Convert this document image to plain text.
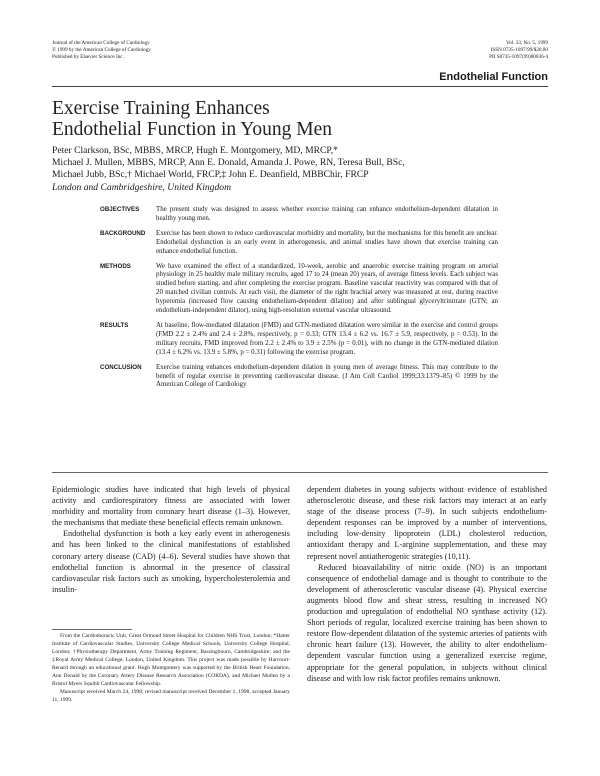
Journal of the American College of Cardiology
© 1999 by the American College of Cardiology
Published by Elsevier Science Inc.
Vol. 33, No. 5, 1999
ISSN 0735-1097/99/$20.00
PII S0735-1097(99)00036-4
Endothelial Function
Exercise Training Enhances
Endothelial Function in Young Men
Peter Clarkson, BSc, MBBS, MRCP, Hugh E. Montgomery, MD, MRCP,*
Michael J. Mullen, MBBS, MRCP, Ann E. Donald, Amanda J. Powe, RN, Teresa Bull, BSc,
Michael Jubb, BSc,† Michael World, FRCP,‡ John E. Deanfield, MBBChir, FRCP
London and Cambridgeshire, United Kingdom
OBJECTIVES	The present study was designed to assess whether exercise training can enhance endothelium-dependent dilatation in healthy young men.
BACKGROUND	Exercise has been shown to reduce cardiovascular morbidity and mortality, but the mechanisms for this benefit are unclear. Endothelial dysfunction is an early event in atherogenesis, and animal studies have shown that exercise training can enhance endothelial function.
METHODS	We have examined the effect of a standardized, 10-week, aerobic and anaerobic exercise training program on arterial physiology in 25 healthy male military recruits, aged 17 to 24 (mean 20) years, of average fitness levels. Each subject was studied before starting, and after completing the exercise program. Baseline vascular reactivity was compared with that of 20 matched civilian controls. At each visit, the diameter of the right brachial artery was measured at rest, during reactive hyperemia (increased flow causing endothelium-dependent dilation) and after sublingual glyceryltrinitrate (GTN; an endothelium-independent dilator), using high-resolution external vascular ultrasound.
RESULTS	At baseline, flow-mediated dilatation (FMD) and GTN-mediated dilatation were similar in the exercise and control groups (FMD 2.2 ± 2.4% and 2.4 ± 2.8%, respectively, p = 0.33; GTN 13.4 ± 6.2 vs. 16.7 ± 5.9, respectively, p = 0.53). In the military recruits, FMD improved from 2.2 ± 2.4% to 3.9 ± 2.5% (p = 0.01), with no change in the GTN-mediated dilation (13.4 ± 6.2% vs. 13.9 ± 5.8%, p = 0.31) following the exercise program.
CONCLUSION	Exercise training enhances endothelium-dependent dilation in young men of average fitness. This may contribute to the benefit of regular exercise in preventing cardiovascular disease. (J Am Coll Cardiol 1999;33:1379–85) © 1999 by the American College of Cardiology

Epidemiologic studies have indicated that high levels of physical activity and cardiorespiratory fitness are associated with lower morbidity and mortality from coronary heart disease (1–3). However, the mechanisms that mediate these beneficial effects remain unknown.

Endothelial dysfunction is both a key early event in atherogenesis and has been linked to the clinical manifestations of established coronary artery disease (CAD) (4–6). Several studies have shown that endothelial function is abnormal in the presence of classical cardiovascular risk factors such as smoking, hypercholesterolemia and insulin-

dependent diabetes in young subjects without evidence of established atherosclerotic disease, and these risk factors may interact at an early stage of the disease process (7–9). In such subjects endothelium-dependent responses can be improved by a number of interventions, including low-density lipoprotein (LDL) cholesterol reduction, antioxidant therapy and L-arginine supplementation, and these may represent novel antiatherogenic strategies (10,11).

Reduced bioavailability of nitric oxide (NO) is an important consequence of endothelial damage and is thought to contribute to the development of atherosclerotic vascular disease (4). Physical exercise augments blood flow and shear stress, resulting in increased NO production and upregulation of endothelial NO synthase activity (12). Short periods of regular, localized exercise training has been shown to restore flow-dependent dilatation of the systemic arteries of patients with chronic heart failure (13). However, the ability to alter endothelium-dependent vascular function using a generalized exercise regime, appropriate for the general population, in subjects without clinical disease and with low risk factor profiles remains unknown.

From the Cardiothoracic Unit, Great Ormond Street Hospital for Children NHS Trust, London; *Hatter Institute of Cardiovascular Studies, University College Medical Schools, University College Hospital, London; †Physiotherapy Department, Army Training Regiment, Bassingbourn, Cambridgeshire; and the ‡Royal Army Medical College, London, United Kingdom. This project was made possible by Harcourt-Renard through an educational grant. Hugh Montgomery was supported by the British Heart Foundation, Ann Donald by the Coronary Artery Disease Research Association (CORDA), and Michael Mullen by a Bristol Myers Squibb Cardiovascular Fellowship.

Manuscript received March 24, 1998; revised manuscript received December 1, 1998, accepted January 11, 1999.
